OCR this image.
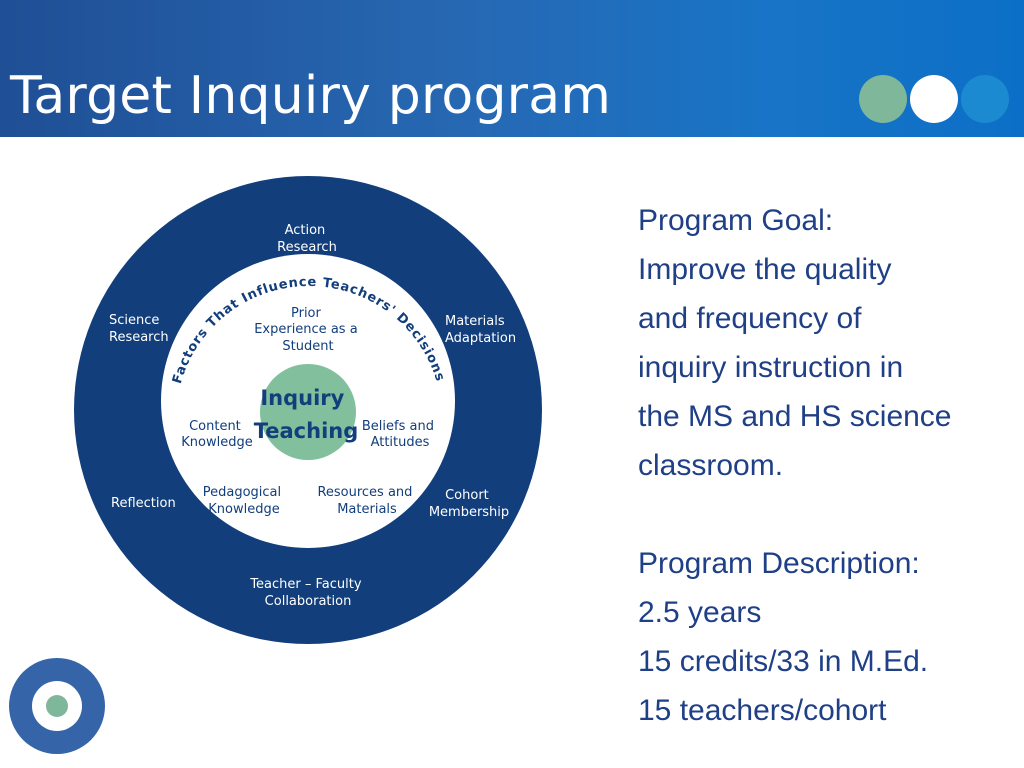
Target Inquiry program
Features of Target Inquiry (TI)
Factors That Influence Teachers' Decisions
Inquiry Teaching
Action Research
Science Research
Materials Adaptation
Reflection
Cohort Membership
Teacher – Faculty Collaboration
Prior Experience as a Student
Content Knowledge
Beliefs and Attitudes
Pedagogical Knowledge
Resources and Materials
Program Goal:
Improve the quality
and frequency of
inquiry instruction in
the MS and HS science
classroom.
Program Description:
2.5 years
15 credits/33 in M.Ed.
15 teachers/cohort
